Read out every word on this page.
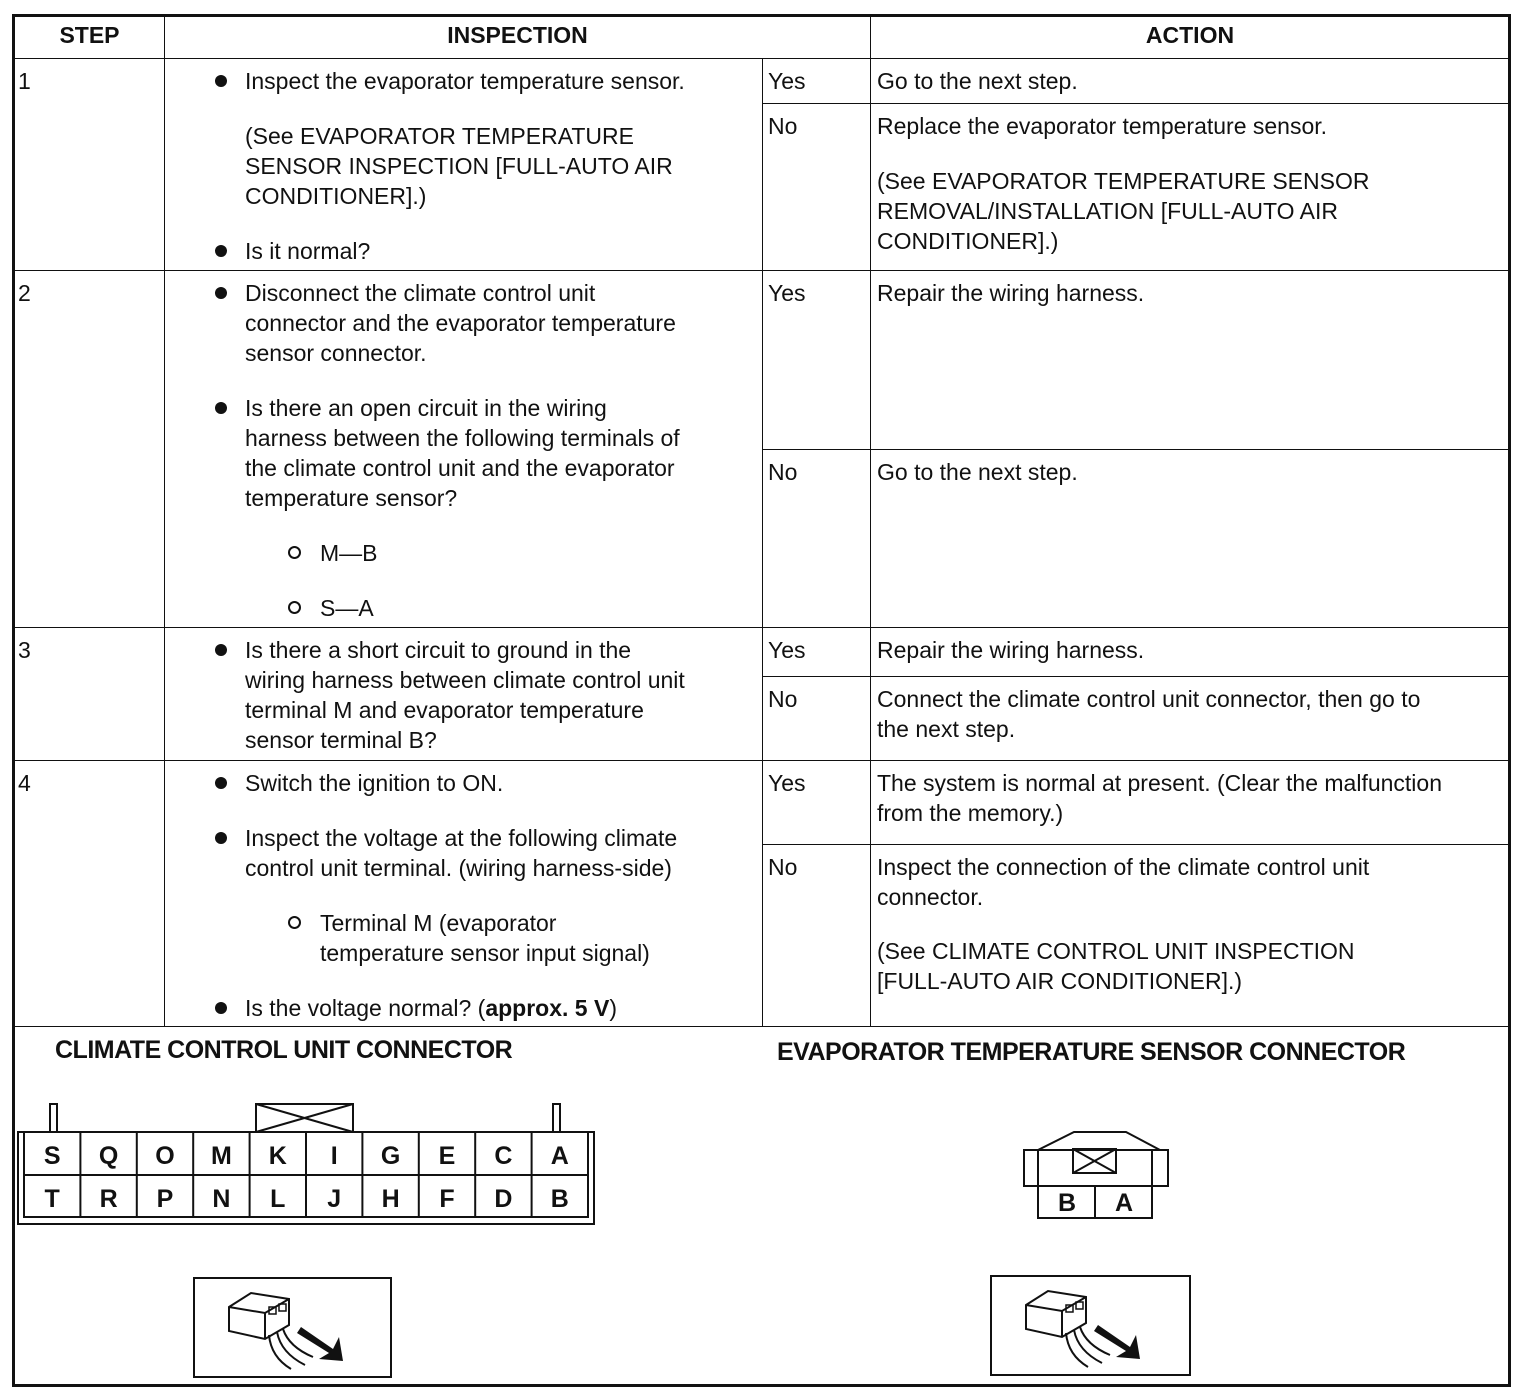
STEP	INSPECTION	ACTION
1	Inspect the evaporator temperature sensor.
(See EVAPORATOR TEMPERATURE
SENSOR INSPECTION [FULL-AUTO AIR
CONDITIONER].)
Is it normal?
Yes	Go to the next step.
No	Replace the evaporator temperature sensor.
(See EVAPORATOR TEMPERATURE SENSOR
REMOVAL/INSTALLATION [FULL-AUTO AIR
CONDITIONER].)
2	Disconnect the climate control unit
connector and the evaporator temperature
sensor connector.
Is there an open circuit in the wiring
harness between the following terminals of
the climate control unit and the evaporator
temperature sensor?
M—B
S—A
Yes	Repair the wiring harness.
No	Go to the next step.
3	Is there a short circuit to ground in the
wiring harness between climate control unit
terminal M and evaporator temperature
sensor terminal B?
Yes	Repair the wiring harness.
No	Connect the climate control unit connector, then go to
the next step.
4	Switch the ignition to ON.
Inspect the voltage at the following climate
control unit terminal. (wiring harness-side)
Terminal M (evaporator
temperature sensor input signal)
Is the voltage normal? (approx. 5 V)
Yes	The system is normal at present. (Clear the malfunction
from the memory.)
No	Inspect the connection of the climate control unit
connector.
(See CLIMATE CONTROL UNIT INSPECTION
[FULL-AUTO AIR CONDITIONER].)
CLIMATE CONTROL UNIT CONNECTOR	EVAPORATOR TEMPERATURE SENSOR CONNECTOR
S Q O M K I G E C A
T R P N L J H F D B	B A
